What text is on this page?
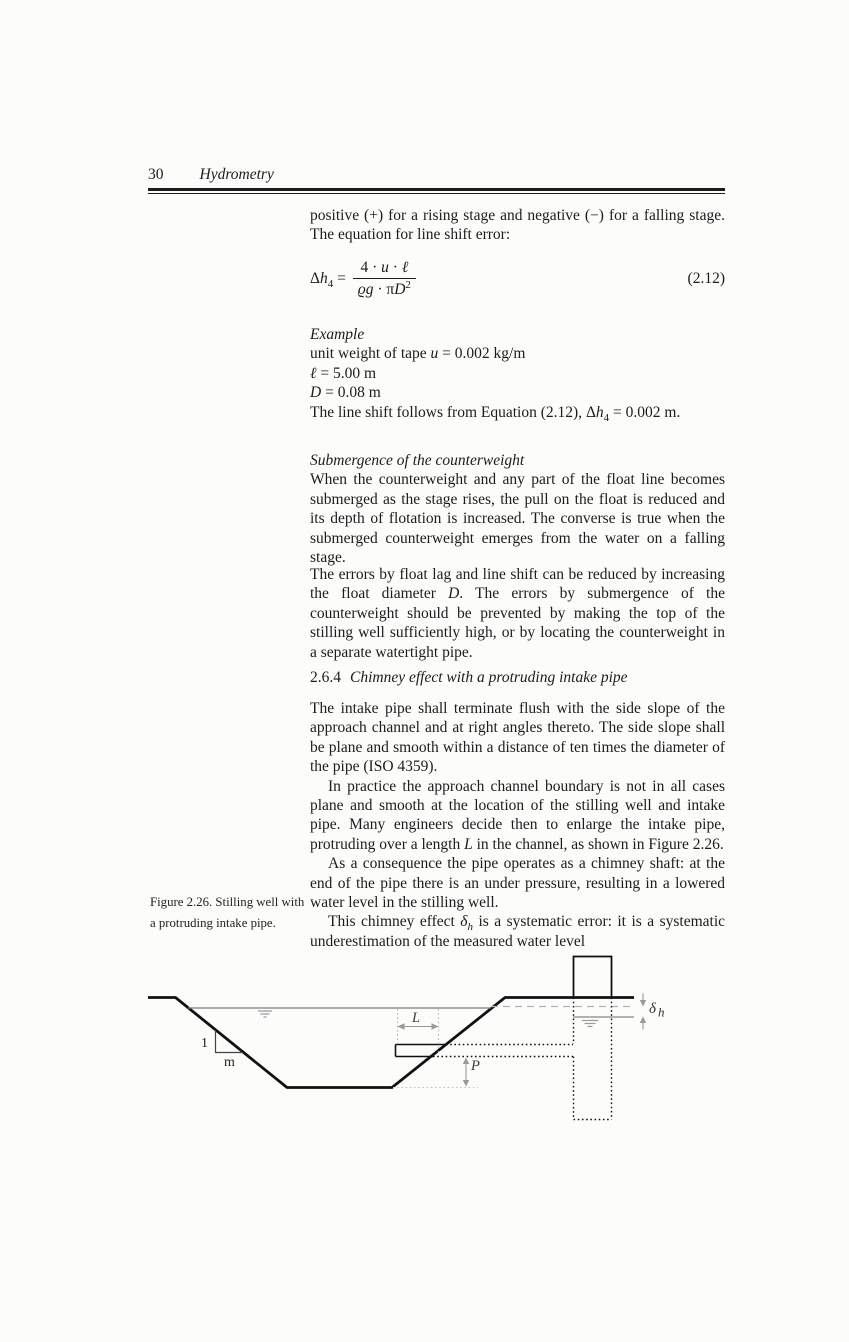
30 Hydrometry

positive (+) for a rising stage and negative (−) for a falling stage. The equation for line shift error:

$\Delta h_4 = \frac{\text{4 · u · ℓ}}{ϱg \cdot \pi D^2}$	(2.12)
Example
unit weight of tape u = 0.002 kg/m
ℓ = 5.00 m
D = 0.08 m
The line shift follows from Equation (2.12), $\Delta h_4 = 0.002$ m.
Submergence of the counterweight

When the counterweight and any part of the float line becomes submerged as the stage rises, the pull on the float is reduced and its depth of flotation is increased. The converse is true when the submerged counterweight emerges from the water on a falling stage.

The errors by float lag and line shift can be reduced by increasing the float diameter D. The errors by submergence of the counterweight should be prevented by making the top of the stilling well sufficiently high, or by locating the counterweight in a separate watertight pipe.

2.6.4 Chimney effect with a protruding intake pipe

The intake pipe shall terminate flush with the side slope of the approach channel and at right angles thereto. The side slope shall be plane and smooth within a distance of ten times the diameter of the pipe (ISO 4359).

In practice the approach channel boundary is not in all cases plane and smooth at the location of the stilling well and intake pipe. Many engineers decide then to enlarge the intake pipe, protruding over a length L in the channel, as shown in Figure 2.26.

As a consequence the pipe operates as a chimney shaft: at the end of the pipe there is an under pressure, resulting in a lowered water level in the stilling well.

This chimney effect $\delta_h$ is a systematic error: it is a systematic underestimation of the measured water level

Figure 2.26. Stilling well with
a protruding intake pipe.
L
P
δ h
1
m
